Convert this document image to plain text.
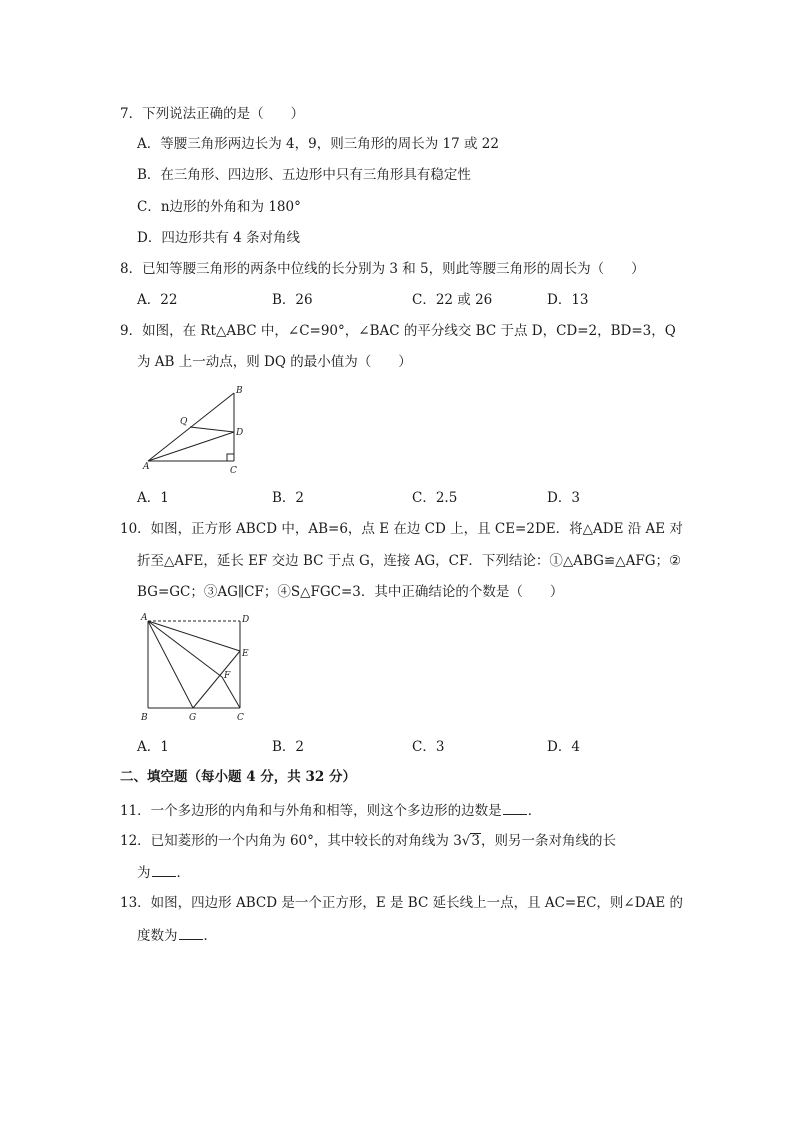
7．下列说法正确的是（　　）
A．等腰三角形两边长为 4，9，则三角形的周长为 17 或 22
B．在三角形、四边形、五边形中只有三角形具有稳定性
C．n边形的外角和为 180°
D．四边形共有 4 条对角线
8．已知等腰三角形的两条中位线的长分别为 3 和 5，则此等腰三角形的周长为（　　）
A．22	B．26	C．22 或 26	D．13
9．如图，在 Rt△ABC 中，∠C=90°，∠BAC 的平分线交 BC 于点 D，CD=2，BD=3，Q
为 AB 上一动点，则 DQ 的最小值为（　　）
B
D
Q
A	C
A．1	B．2	C．2.5	D．3
10．如图，正方形 ABCD 中，AB=6，点 E 在边 CD 上，且 CE=2DE．将△ADE 沿 AE 对
折至△AFE，延长 EF 交边 BC 于点 G，连接 AG，CF．下列结论：①△ABG≌△AFG；②
BG=GC；③AG∥CF；④S△FGC=3．其中正确结论的个数是（　　）
A	D
E
F
B	G	C
A．1	B．2	C．3	D．4
二、填空题（每小题 4 分，共 32 分）
11．一个多边形的内角和与外角和相等，则这个多边形的边数是 ．
12．已知菱形的一个内角为 60°，其中较长的对角线为 3√3，则另一条对角线的长
为 ．
13．如图，四边形 ABCD 是一个正方形，E 是 BC 延长线上一点，且 AC=EC，则∠DAE 的
度数为 ．
